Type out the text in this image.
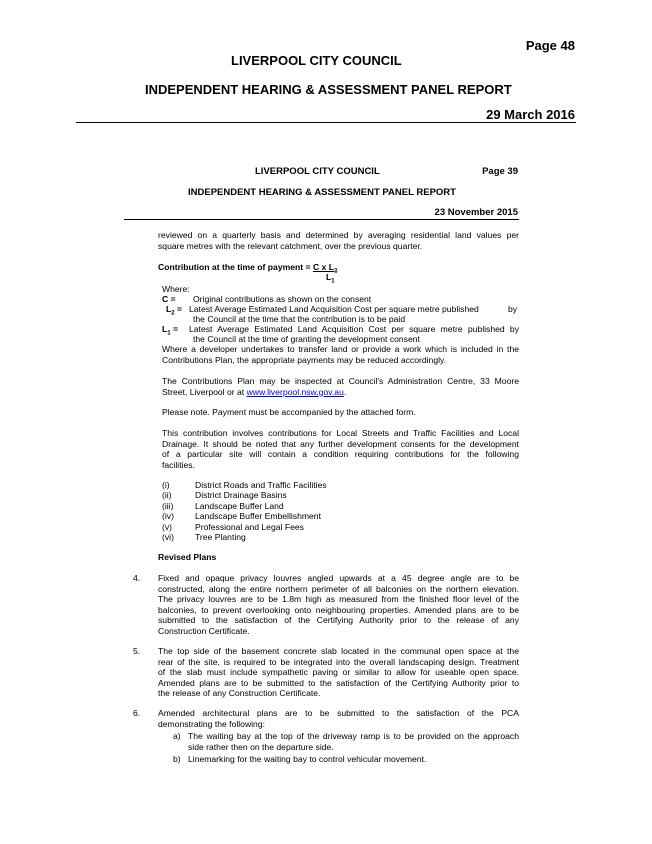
Page 48
LIVERPOOL CITY COUNCIL
INDEPENDENT HEARING & ASSESSMENT PANEL REPORT
29 March 2016
LIVERPOOL CITY COUNCIL	Page 39
INDEPENDENT HEARING & ASSESSMENT PANEL REPORT
23 November 2015
reviewed on a quarterly basis and determined by averaging residential land values per
square metres with the relevant catchment, over the previous quarter.
Contribution at the time of payment = C x $L_2$
$L_1$
Where:
C = Original contributions as shown on the consent
$L_2$ = Latest Average Estimated Land Acquisition Cost per square metre published	by
the Council at the time that the contribution is to be paid
$L_1$ = Latest Average Estimated Land Acquisition Cost per square metre published by
the Council at the time of granting the development consent
Where a developer undertakes to transfer land or provide a work which is included in the
Contributions Plan, the appropriate payments may be reduced accordingly.
The Contributions Plan may be inspected at Council's Administration Centre, 33 Moore
Street, Liverpool or at www.liverpool.nsw.gov.au.
Please note. Payment must be accompanied by the attached form.
This contribution involves contributions for Local Streets and Traffic Facilities and Local
Drainage. It should be noted that any further development consents for the development
of a particular site will contain a condition requiring contributions for the following
facilities.
(i)	District Roads and Traffic Facilities
(ii)	District Drainage Basins
(iii)	Landscape Buffer Land
(iv) Landscape Buffer Embellishment
(v)	Professional and Legal Fees
(vi) Tree Planting
Revised Plans
4. Fixed and opaque privacy louvres angled upwards at a 45 degree angle are to be
constructed, along the entire northern perimeter of all balconies on the northern elevation.
The privacy louvres are to be 1.8m high as measured from the finished floor level of the
balconies, to prevent overlooking onto neighbouring properties. Amended plans are to be
submitted to the satisfaction of the Certifying Authority prior to the release of any
Construction Certificate.
5. The top side of the basement concrete slab located in the communal open space at the
rear of the site, is required to be integrated into the overall landscaping design. Treatment
of the slab must include sympathetic paving or similar to allow for useable open space.
Amended plans are to be submitted to the satisfaction of the Certifying Authority prior to
the release of any Construction Certificate.
6. Amended architectural plans are to be submitted to the satisfaction of the PCA
demonstrating the following:
a) The waiting bay at the top of the driveway ramp is to be provided on the approach
side rather then on the departure side.
b) Linemarking for the waiting bay to control vehicular movement.
